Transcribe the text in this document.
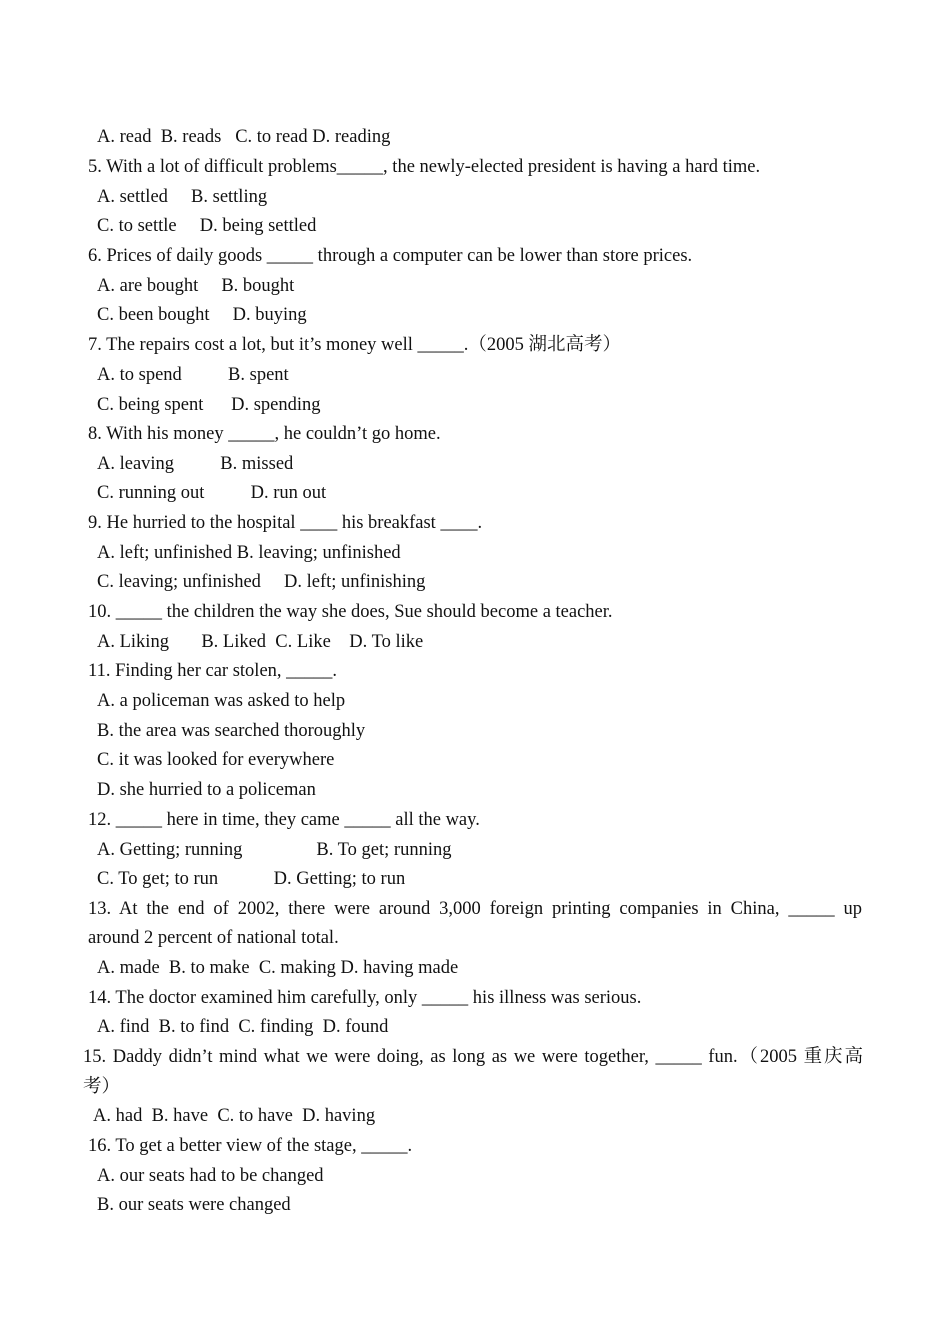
A. read  B. reads   C. to read D. reading
5. With a lot of difficult problems_____, the newly-elected president is having a hard time.
A. settled     B. settling
C. to settle     D. being settled
6. Prices of daily goods _____ through a computer can be lower than store prices.
A. are bought     B. bought
C. been bought     D. buying
7. The repairs cost a lot, but it’s money well _____.（2005 湖北高考）
A. to spend          B. spent
C. being spent      D. spending
8. With his money _____, he couldn’t go home.
A. leaving          B. missed
C. running out          D. run out
9. He hurried to the hospital ____ his breakfast ____.
A. left; unfinished B. leaving; unfinished
C. leaving; unfinished     D. left; unfinishing
10. _____ the children the way she does, Sue should become a teacher.
A. Liking       B. Liked  C. Like    D. To like
11. Finding her car stolen, _____.
A. a policeman was asked to help
B. the area was searched thoroughly
C. it was looked for everywhere
D. she hurried to a policeman
12. _____ here in time, they came _____ all the way.
A. Getting; running                B. To get; running
C. To get; to run            D. Getting; to run
13. At the end of 2002, there were around 3,000 foreign printing companies in China, _____ up
around 2 percent of national total.
A. made  B. to make  C. making D. having made
14. The doctor examined him carefully, only _____ his illness was serious.
A. find  B. to find  C. finding  D. found
15. Daddy didn’t mind what we were doing, as long as we were together, _____ fun.（2005 重庆高
考）
A. had  B. have  C. to have  D. having
16. To get a better view of the stage, _____.
A. our seats had to be changed
B. our seats were changed
